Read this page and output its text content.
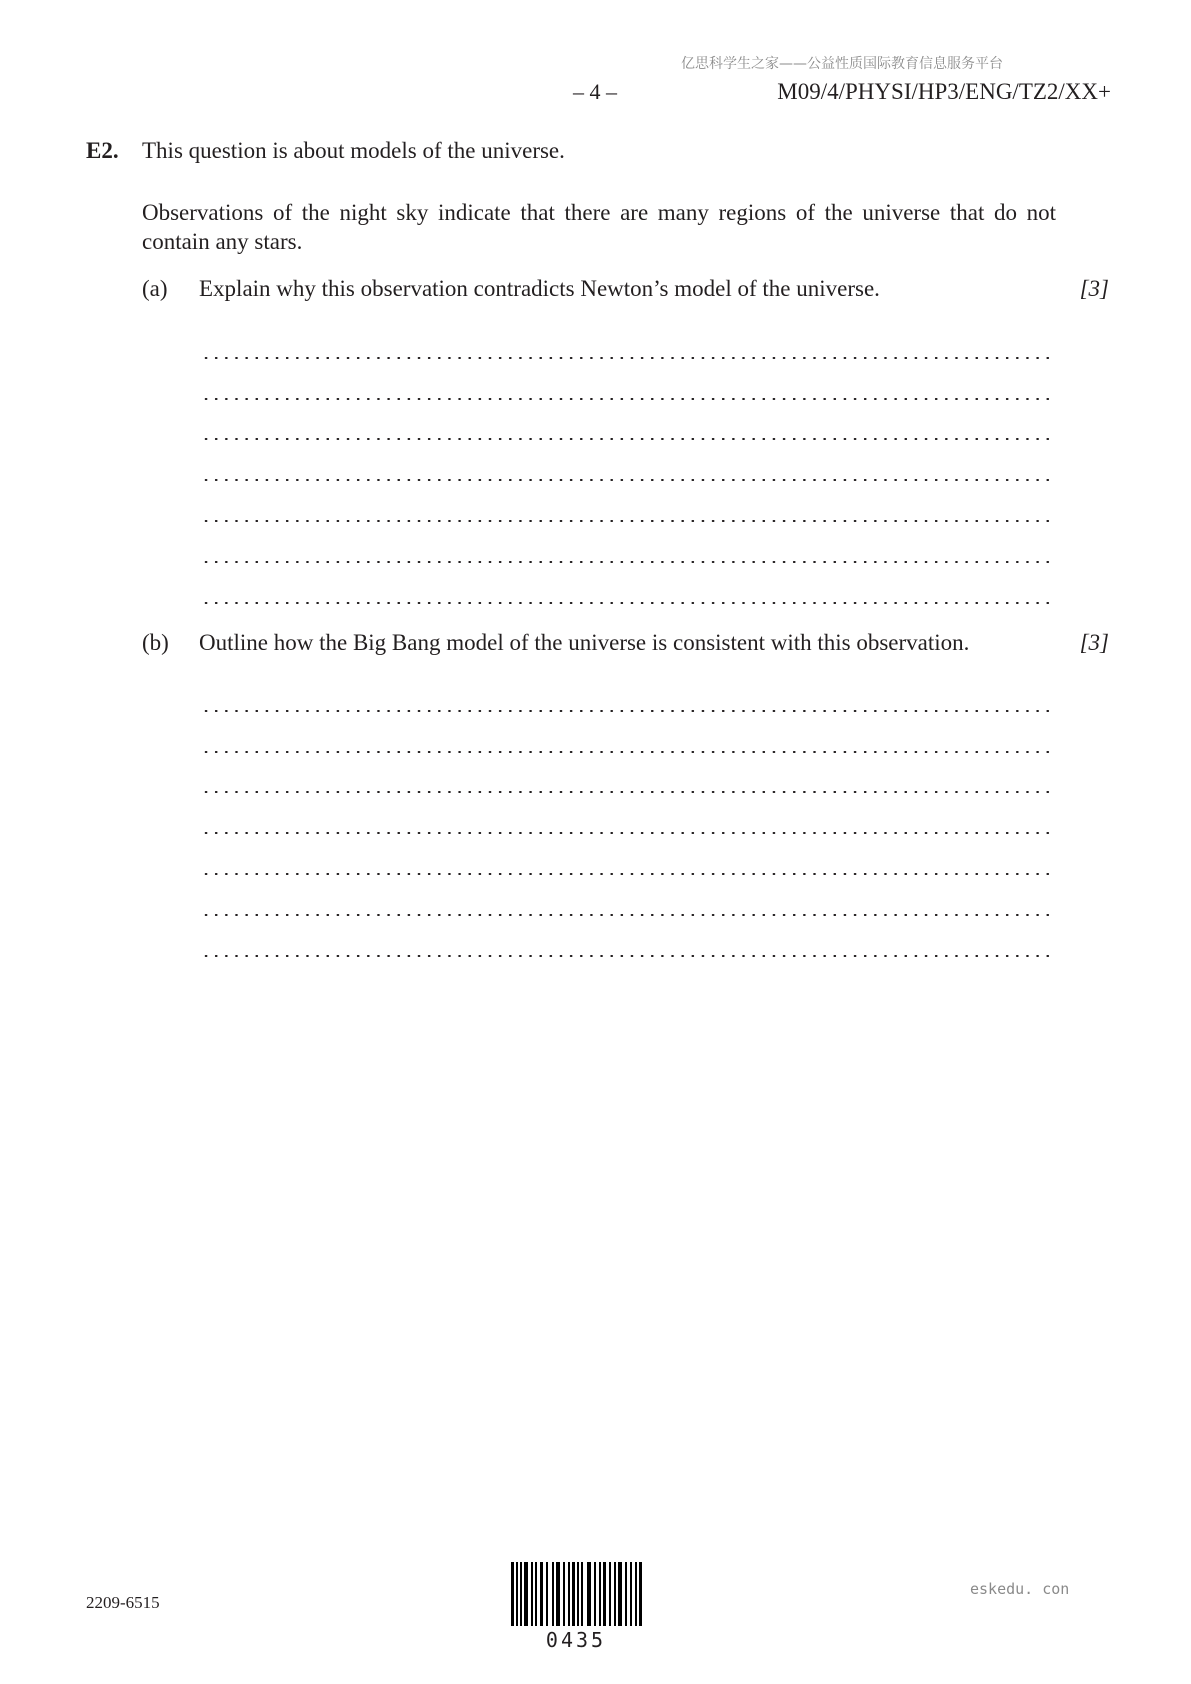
亿思科学生之家——公益性质国际教育信息服务平台
– 4 –	M09/4/PHYSI/HP3/ENG/TZ2/XX+
E2. This question is about models of the universe.
Observations of the night sky indicate that there are many regions of the universe that do not contain any stars.
(a) Explain why this observation contradicts Newton’s model of the universe.	[3]
(b) Outline how the Big Bang model of the universe is consistent with this observation.	[3]
2209-6515
0435
eskedu. con
